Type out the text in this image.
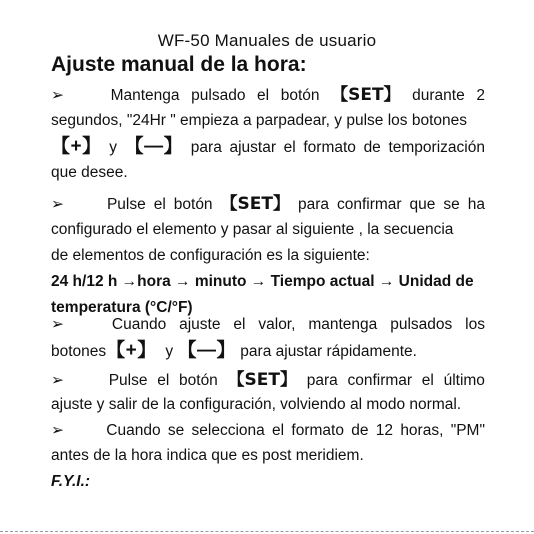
WF-50 Manuales de usuario
Ajuste manual de la hora:
➢	Mantenga pulsado el botón 【SET】 durante 2
segundos, "24Hr " empieza a parpadear, y pulse los botones
【+】 y 【—】 para ajustar el formato de temporización
que desee.
➢	Pulse el botón 【SET】 para confirmar que se ha
configurado el elemento y pasar al siguiente , la secuencia
de elementos de configuración es la siguiente:
24 h/12 h →hora → minuto → Tiempo actual → Unidad de
temperatura (°C/°F)
➢	Cuando ajuste el valor, mantenga pulsados los
botones【+】 y 【—】 para ajustar rápidamente.
➢	Pulse el botón 【SET】 para confirmar el último
ajuste y salir de la configuración, volviendo al modo normal.
➢	Cuando se selecciona el formato de 12 horas, "PM"
antes de la hora indica que es post meridiem.
F.Y.I.:
